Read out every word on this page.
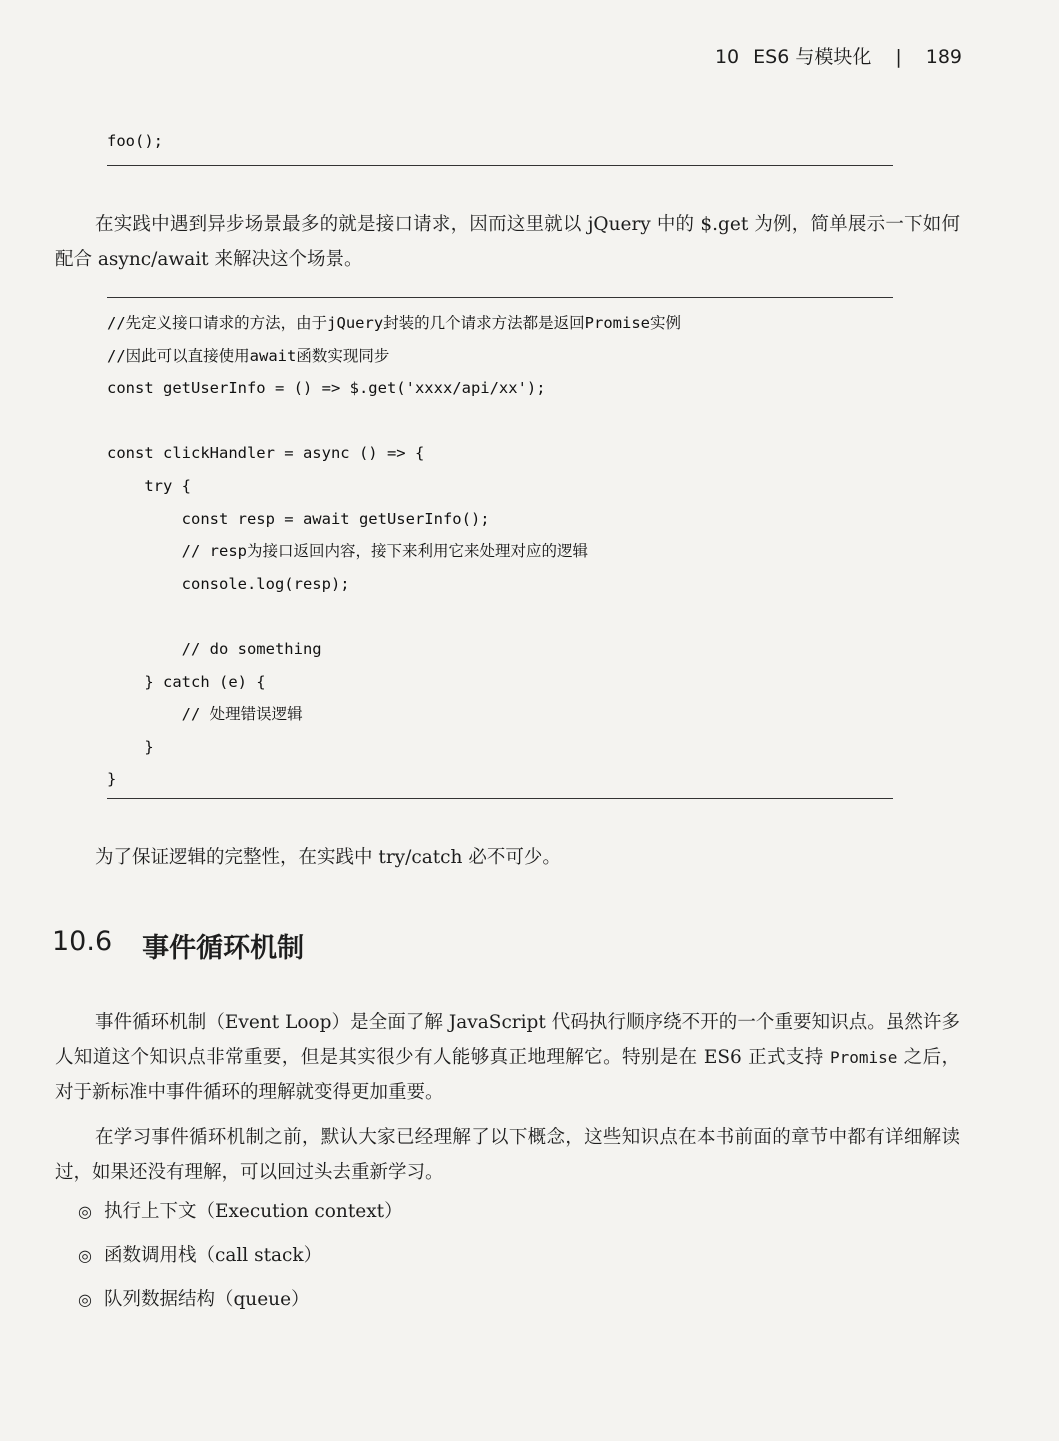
10 ES6 与模块化 | 189
foo();

在实践中遇到异步场景最多的就是接口请求，因而这里就以 jQuery 中的 $.get 为例，简单展示一下如何配合 async/await 来解决这个场景。

//先定义接口请求的方法，由于jQuery封装的几个请求方法都是返回Promise实例
//因此可以直接使用await函数实现同步
const getUserInfo = () => $.get('xxxx/api/xx');
const clickHandler = async () => {
try {
const resp = await getUserInfo();
// resp为接口返回内容，接下来利用它来处理对应的逻辑
console.log(resp);
// do something
} catch (e) {
// 处理错误逻辑
}
}

为了保证逻辑的完整性，在实践中 try/catch 必不可少。

10.6 事件循环机制

事件循环机制（Event Loop）是全面了解 JavaScript 代码执行顺序绕不开的一个重要知识点。虽然许多人知道这个知识点非常重要，但是其实很少有人能够真正地理解它。特别是在 ES6 正式支持 Promise 之后，对于新标准中事件循环的理解就变得更加重要。

在学习事件循环机制之前，默认大家已经理解了以下概念，这些知识点在本书前面的章节中都有详细解读过，如果还没有理解，可以回过头去重新学习。

◎ 执行上下文（Execution context）
◎ 函数调用栈（call stack）
◎ 队列数据结构（queue）
